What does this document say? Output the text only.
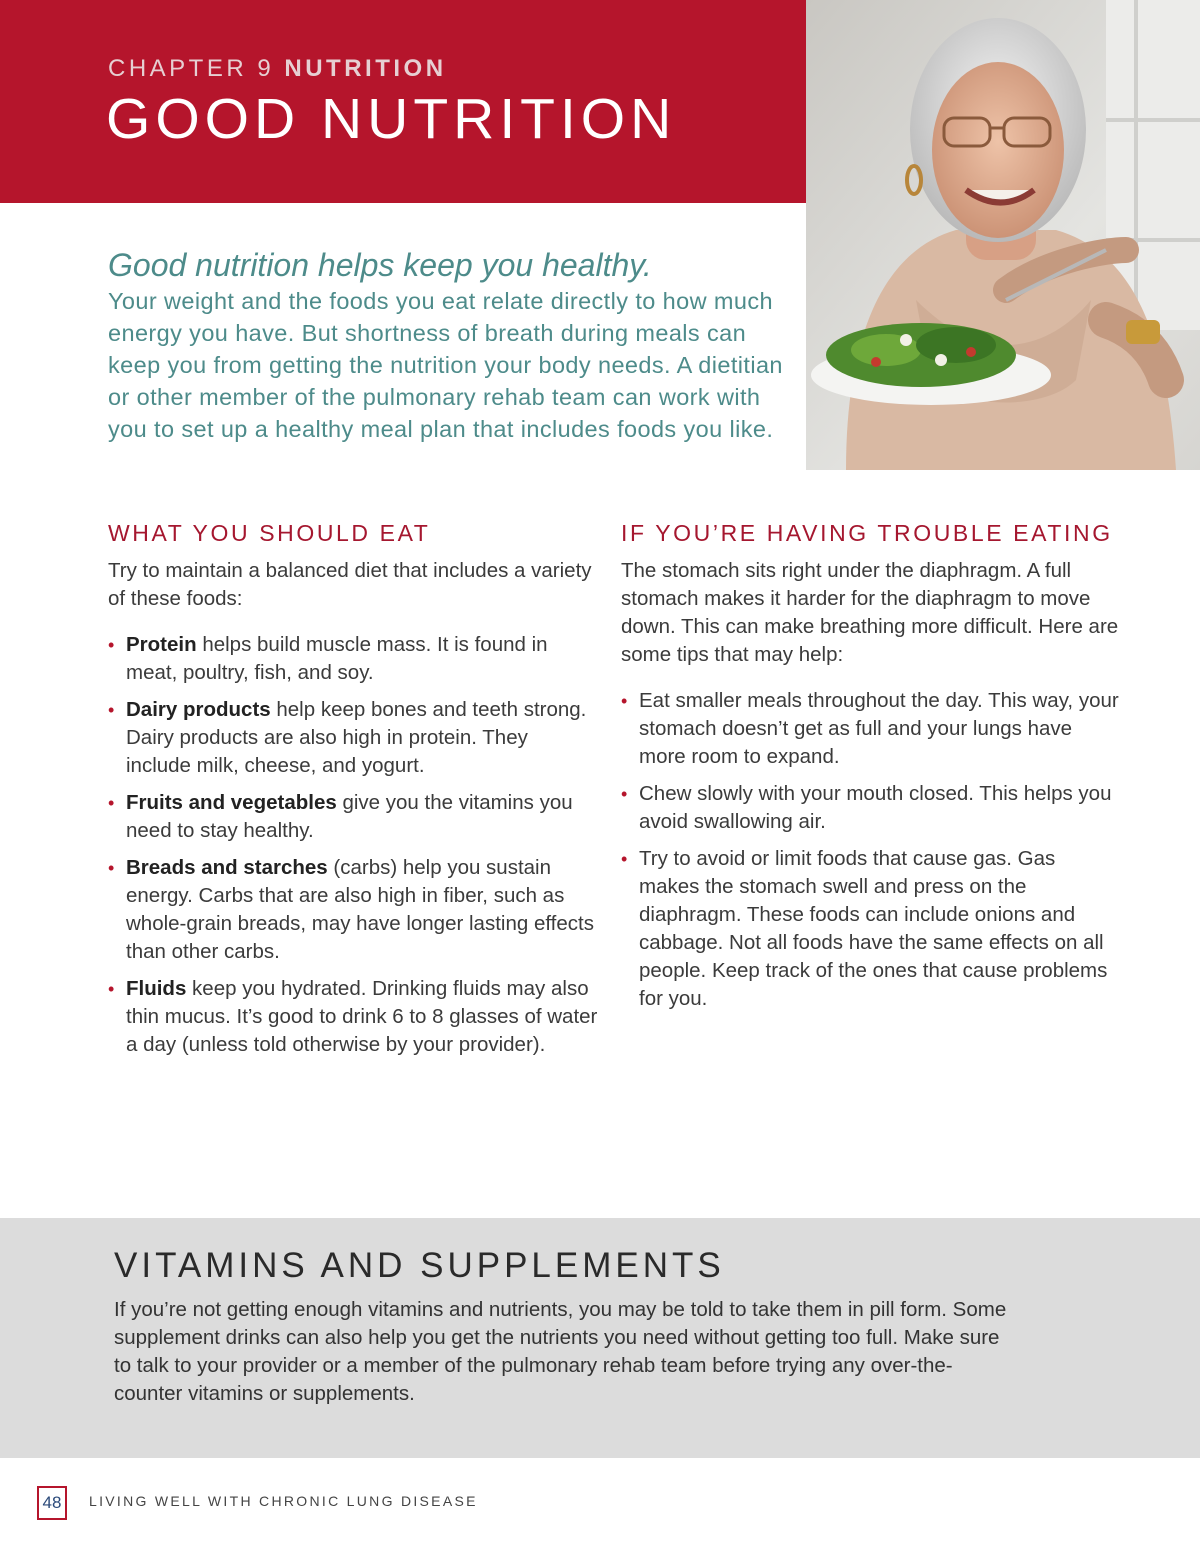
CHAPTER 9 NUTRITION
GOOD NUTRITION

Good nutrition helps keep you healthy.

Your weight and the foods you eat relate directly to how much energy you have. But shortness of breath during meals can keep you from getting the nutrition your body needs. A dietitian or other member of the pulmonary rehab team can work with you to set up a healthy meal plan that includes foods you like.

WHAT YOU SHOULD EAT

Try to maintain a balanced diet that includes a variety of these foods:

• Protein helps build muscle mass. It is found in meat, poultry, fish, and soy.
• Dairy products help keep bones and teeth strong. Dairy products are also high in protein. They include milk, cheese, and yogurt.
• Fruits and vegetables give you the vitamins you need to stay healthy.
• Breads and starches (carbs) help you sustain energy. Carbs that are also high in fiber, such as whole-grain breads, may have longer lasting effects than other carbs.
• Fluids keep you hydrated. Drinking fluids may also thin mucus. It’s good to drink 6 to 8 glasses of water a day (unless told otherwise by your provider).
IF YOU’RE HAVING TROUBLE EATING

The stomach sits right under the diaphragm. A full stomach makes it harder for the diaphragm to move down. This can make breathing more difficult. Here are some tips that may help:

• Eat smaller meals throughout the day. This way, your stomach doesn’t get as full and your lungs have more room to expand.
• Chew slowly with your mouth closed. This helps you avoid swallowing air.
• Try to avoid or limit foods that cause gas. Gas makes the stomach swell and press on the diaphragm. These foods can include onions and cabbage. Not all foods have the same effects on all people. Keep track of the ones that cause problems for you.
VITAMINS AND SUPPLEMENTS

If you’re not getting enough vitamins and nutrients, you may be told to take them in pill form. Some supplement drinks can also help you get the nutrients you need without getting too full. Make sure to talk to your provider or a member of the pulmonary rehab team before trying any over-the-counter vitamins or supplements.

48	LIVING WELL WITH CHRONIC LUNG DISEASE
